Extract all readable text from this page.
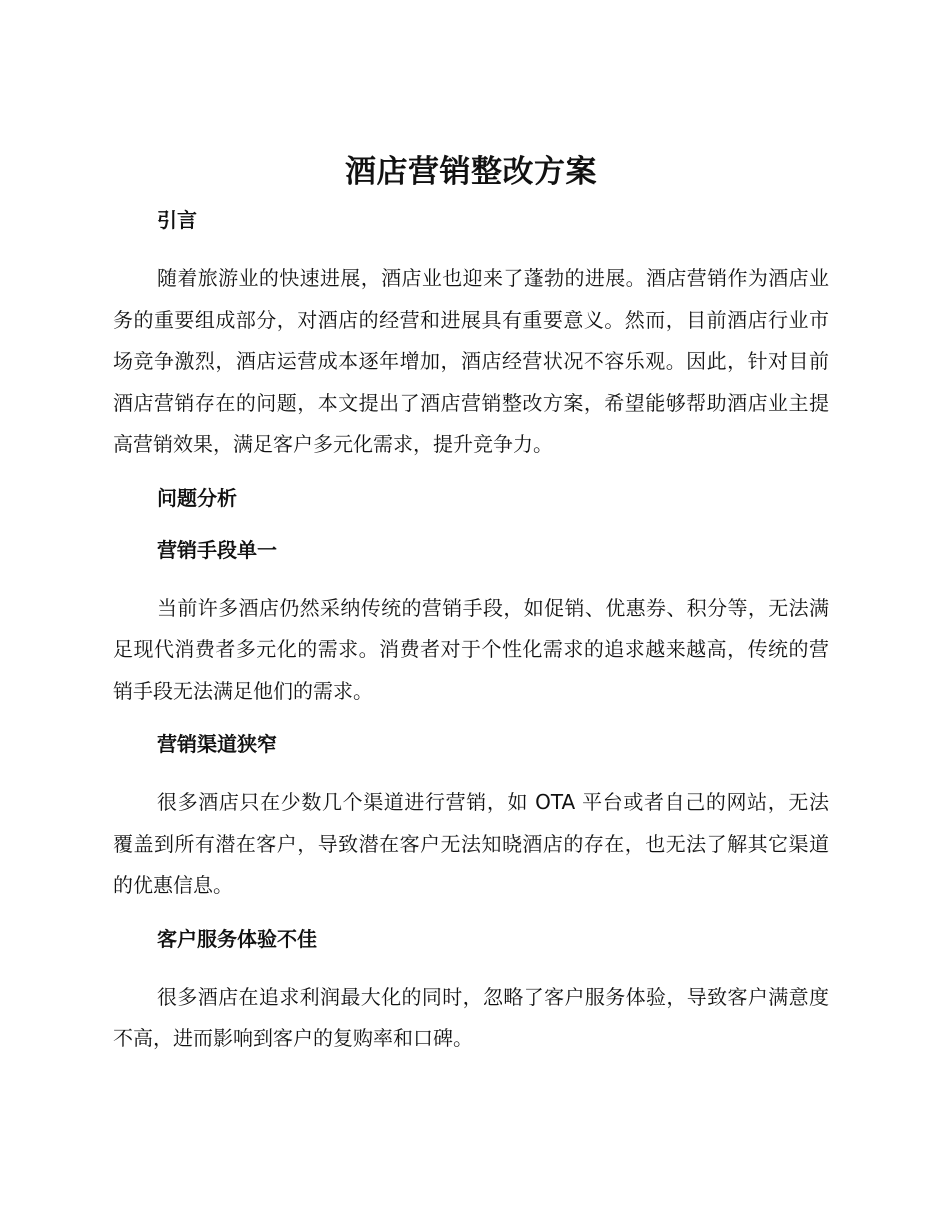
酒店营销整改方案
引言

随着旅游业的快速进展，酒店业也迎来了蓬勃的进展。酒店营销作为酒店业务的重要组成部分，对酒店的经营和进展具有重要意义。然而，目前酒店行业市场竞争激烈，酒店运营成本逐年增加，酒店经营状况不容乐观。因此，针对目前酒店营销存在的问题，本文提出了酒店营销整改方案，希望能够帮助酒店业主提高营销效果，满足客户多元化需求，提升竞争力。

问题分析
营销手段单一

当前许多酒店仍然采纳传统的营销手段，如促销、优惠券、积分等，无法满足现代消费者多元化的需求。消费者对于个性化需求的追求越来越高，传统的营销手段无法满足他们的需求。

营销渠道狭窄

很多酒店只在少数几个渠道进行营销，如 OTA 平台或者自己的网站，无法覆盖到所有潜在客户，导致潜在客户无法知晓酒店的存在，也无法了解其它渠道的优惠信息。

客户服务体验不佳

很多酒店在追求利润最大化的同时，忽略了客户服务体验，导致客户满意度不高，进而影响到客户的复购率和口碑。
